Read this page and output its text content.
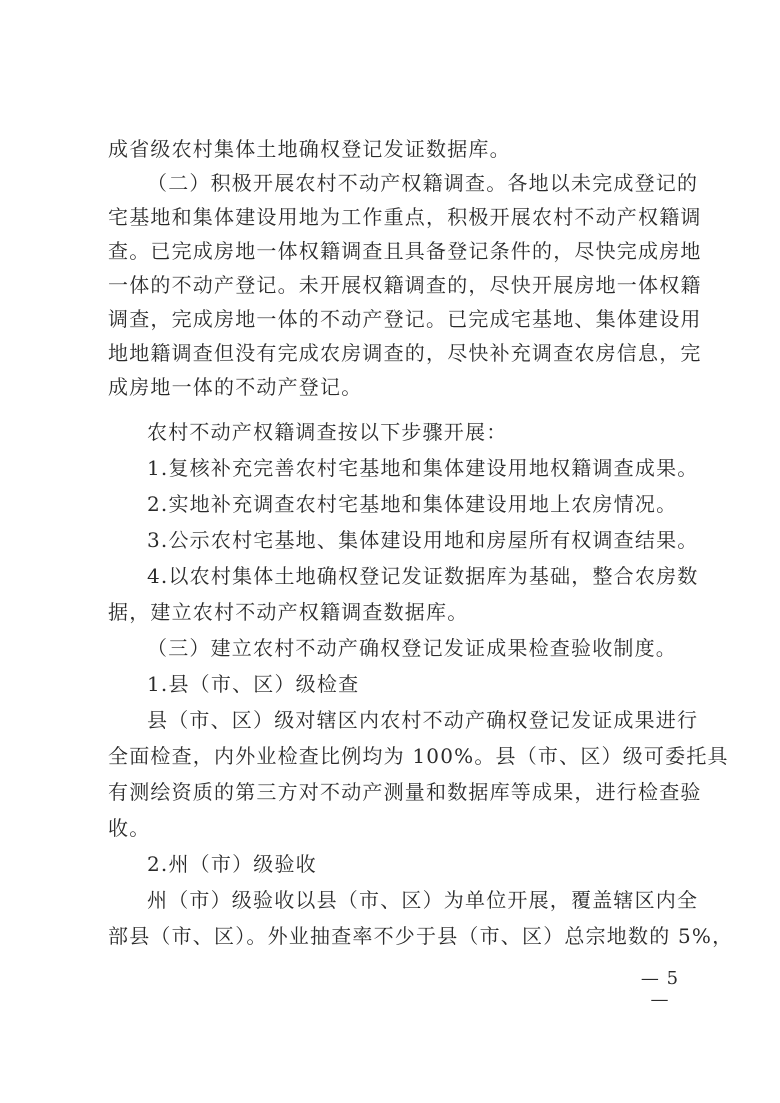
成省级农村集体土地确权登记发证数据库。
（二）积极开展农村不动产权籍调查。各地以未完成登记的
宅基地和集体建设用地为工作重点，积极开展农村不动产权籍调
查。已完成房地一体权籍调查且具备登记条件的，尽快完成房地
一体的不动产登记。未开展权籍调查的，尽快开展房地一体权籍
调查，完成房地一体的不动产登记。已完成宅基地、集体建设用
地地籍调查但没有完成农房调查的，尽快补充调查农房信息，完
成房地一体的不动产登记。
农村不动产权籍调查按以下步骤开展：
1.复核补充完善农村宅基地和集体建设用地权籍调查成果。
2.实地补充调查农村宅基地和集体建设用地上农房情况。
3.公示农村宅基地、集体建设用地和房屋所有权调查结果。
4.以农村集体土地确权登记发证数据库为基础，整合农房数
据，建立农村不动产权籍调查数据库。
（三）建立农村不动产确权登记发证成果检查验收制度。
1.县（市、区）级检查
县（市、区）级对辖区内农村不动产确权登记发证成果进行
全面检查，内外业检查比例均为 100%。县（市、区）级可委托具
有测绘资质的第三方对不动产测量和数据库等成果，进行检查验
收。
2.州（市）级验收
州（市）级验收以县（市、区）为单位开展，覆盖辖区内全
部县（市、区）。外业抽查率不少于县（市、区）总宗地数的 5%，
— 5 —
